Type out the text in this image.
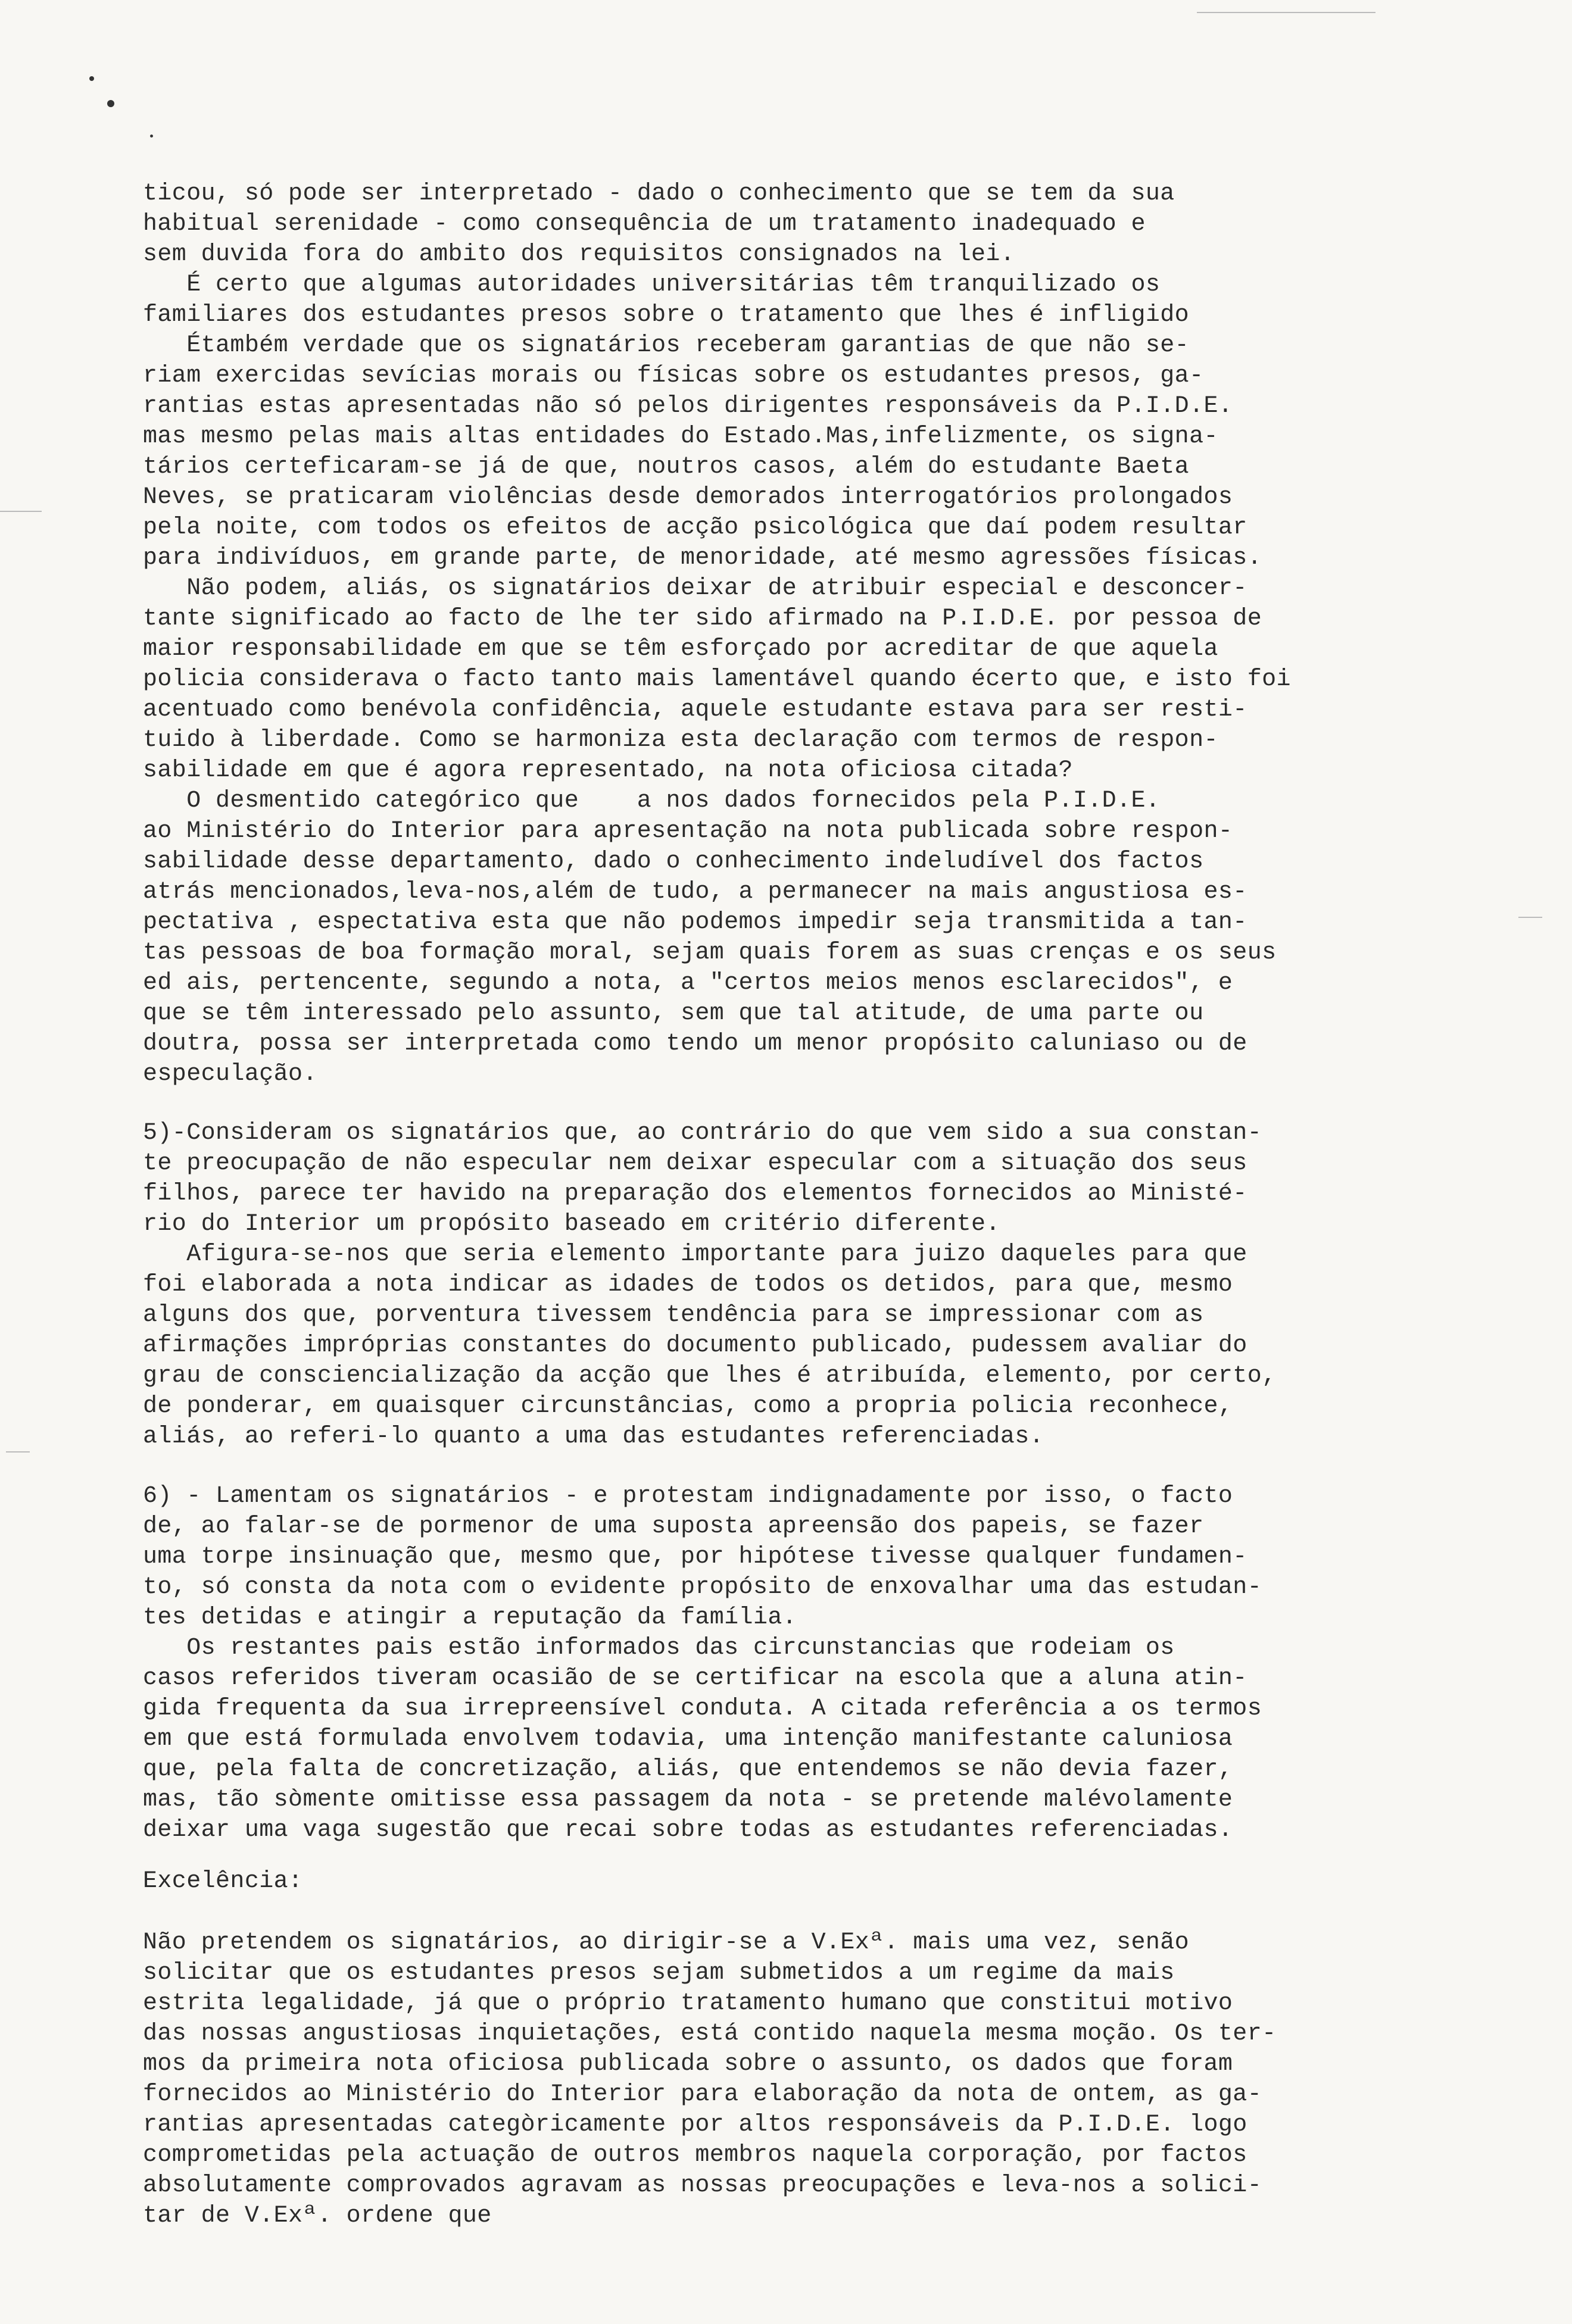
ticou, só pode ser interpretado - dado o conhecimento que se tem da sua
habitual serenidade - como consequência de um tratamento inadequado e
sem duvida fora do ambito dos requisitos consignados na lei.
É certo que algumas autoridades universitárias têm tranquilizado os
familiares dos estudantes presos sobre o tratamento que lhes é infligido
Étambém verdade que os signatários receberam garantias de que não se-
riam exercidas sevícias morais ou físicas sobre os estudantes presos, ga-
rantias estas apresentadas não só pelos dirigentes responsáveis da P.I.D.E.
mas mesmo pelas mais altas entidades do Estado.Mas,infelizmente, os signa-
tários certeficaram-se já de que, noutros casos, além do estudante Baeta
Neves, se praticaram violências desde demorados interrogatórios prolongados
pela noite, com todos os efeitos de acção psicológica que daí podem resultar
para indivíduos, em grande parte, de menoridade, até mesmo agressões físicas.
Não podem, aliás, os signatários deixar de atribuir especial e desconcer-
tante significado ao facto de lhe ter sido afirmado na P.I.D.E. por pessoa de
maior responsabilidade em que se têm esforçado por acreditar de que aquela
policia considerava o facto tanto mais lamentável quando écerto que, e isto foi
acentuado como benévola confidência, aquele estudante estava para ser resti-
tuido à liberdade. Como se harmoniza esta declaração com termos de respon-
sabilidade em que é agora representado, na nota oficiosa citada?
O desmentido categórico que    a nos dados fornecidos pela P.I.D.E.
ao Ministério do Interior para apresentação na nota publicada sobre respon-
sabilidade desse departamento, dado o conhecimento indeludível dos factos
atrás mencionados,leva-nos,além de tudo, a permanecer na mais angustiosa es-
pectativa , espectativa esta que não podemos impedir seja transmitida a tan-
tas pessoas de boa formação moral, sejam quais forem as suas crenças e os seus
ed ais, pertencente, segundo a nota, a "certos meios menos esclarecidos", e
que se têm interessado pelo assunto, sem que tal atitude, de uma parte ou
doutra, possa ser interpretada como tendo um menor propósito caluniaso ou de
especulação.
5)-Consideram os signatários que, ao contrário do que vem sido a sua constan-
te preocupação de não especular nem deixar especular com a situação dos seus
filhos, parece ter havido na preparação dos elementos fornecidos ao Ministé-
rio do Interior um propósito baseado em critério diferente.
Afigura-se-nos que seria elemento importante para juizo daqueles para que
foi elaborada a nota indicar as idades de todos os detidos, para que, mesmo
alguns dos que, porventura tivessem tendência para se impressionar com as
afirmações impróprias constantes do documento publicado, pudessem avaliar do
grau de consciencialização da acção que lhes é atribuída, elemento, por certo,
de ponderar, em quaisquer circunstâncias, como a propria policia reconhece,
aliás, ao referi-lo quanto a uma das estudantes referenciadas.
6) - Lamentam os signatários - e protestam indignadamente por isso, o facto
de, ao falar-se de pormenor de uma suposta apreensão dos papeis, se fazer
uma torpe insinuação que, mesmo que, por hipótese tivesse qualquer fundamen-
to, só consta da nota com o evidente propósito de enxovalhar uma das estudan-
tes detidas e atingir a reputação da família.
Os restantes pais estão informados das circunstancias que rodeiam os
casos referidos tiveram ocasião de se certificar na escola que a aluna atin-
gida frequenta da sua irrepreensível conduta. A citada referência a os termos
em que está formulada envolvem todavia, uma intenção manifestante caluniosa
que, pela falta de concretização, aliás, que entendemos se não devia fazer,
mas, tão sòmente omitisse essa passagem da nota - se pretende malévolamente
deixar uma vaga sugestão que recai sobre todas as estudantes referenciadas.
Excelência:
Não pretendem os signatários, ao dirigir-se a V.Exª. mais uma vez, senão
solicitar que os estudantes presos sejam submetidos a um regime da mais
estrita legalidade, já que o próprio tratamento humano que constitui motivo
das nossas angustiosas inquietações, está contido naquela mesma moção. Os ter-
mos da primeira nota oficiosa publicada sobre o assunto, os dados que foram
fornecidos ao Ministério do Interior para elaboração da nota de ontem, as ga-
rantias apresentadas categòricamente por altos responsáveis da P.I.D.E. logo
comprometidas pela actuação de outros membros naquela corporação, por factos
absolutamente comprovados agravam as nossas preocupações e leva-nos a solici-
tar de V.Exª. ordene que
